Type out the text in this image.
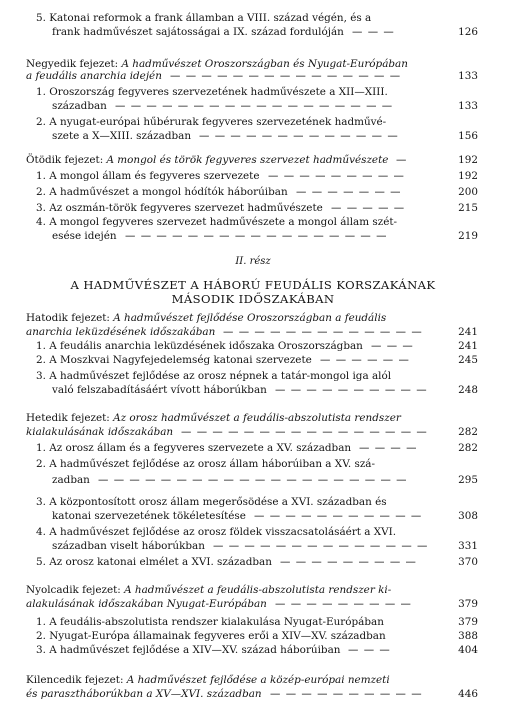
5. Katonai reformok a frank államban a VIII. század végén, és a
frank hadművészet sajátosságai a IX. század fordulóján — — —	126
Negyedik fejezet: A hadművészet Oroszországban és Nyugat-Európában
a feudális anarchia idején — — — — — — — — — — — — — — —	133
1. Oroszország fegyveres szervezetének hadművészete a XII—XIII.
században — — — — — — — — — — — — — — — — — —	133
2. A nyugat-európai hűbérurak fegyveres szervezetének hadművé-
szete a X—XIII. században — — — — — — — — — — — — —	156
Ötödik fejezet: A mongol és török fegyveres szervezet hadművészete —	192
1. A mongol állam és fegyveres szervezete — — — — — — — — —	192
2. A hadművészet a mongol hódítók háborúiban — — — — — — —	200
3. Az oszmán-török fegyveres szervezet hadművészete — — — — —	215
4. A mongol fegyveres szervezet hadművészete a mongol állam szét-
esése idején — — — — — — — — — — — — — — — — —	219
Hatodik fejezet: A hadművészet fejlődése Oroszországban a feudális
anarchia leküzdésének időszakában — — — — — — — — — — — — —	241
1. A feudális anarchia leküzdésének időszaka Oroszországban — — —	241
2. A Moszkvai Nagyfejedelemség katonai szervezete — — — — — —	245
3. A hadművészet fejlődése az orosz népnek a tatár-mongol iga alól
való felszabadításáért vívott háborúkban — — — — — — — — — —	248
Hetedik fejezet: Az orosz hadművészet a feudális-abszolutista rendszer
kialakulásának időszakában — — — — — — — — — — — — — — — —	282
1. Az orosz állam és a fegyveres szervezete a XV. században — — — —	282
2. A hadművészet fejlődése az orosz állam háborúiban a XV. szá-
zadban — — — — — — — — — — — — — — — — — — — —	295
3. A központosított orosz állam megerősödése a XVI. században és
katonai szervezetének tökéletesítése — — — — — — — — — — —	308
4. A hadművészet fejlődése az orosz földek visszacsatolásáért a XVI.
században viselt háborúkban — — — — — — — — — — — — — —	331
5. Az orosz katonai elmélet a XVI. században — — — — — — — — —	370
Nyolcadik fejezet: A hadművészet a feudális-abszolutista rendszer ki-
alakulásának időszakában Nyugat-Európában — — — — — — — — —	379
1. A feudális-abszolutista rendszer kialakulása Nyugat-Európában	379
2. Nyugat-Európa államainak fegyveres erői a XIV—XV. században	388
3. A hadművészet fejlődése a XIV—XV. század háborúiban — — —	404
Kilencedik fejezet: A hadművészet fejlődése a közép-európai nemzeti
és parasztháborúkban a XV—XVI. században — — — — — — — — — —	446
II. rész
A HADMŰVÉSZET A HÁBORÚ FEUDÁLIS KORSZAKÁNAK
MÁSODIK IDŐSZAKÁBAN
